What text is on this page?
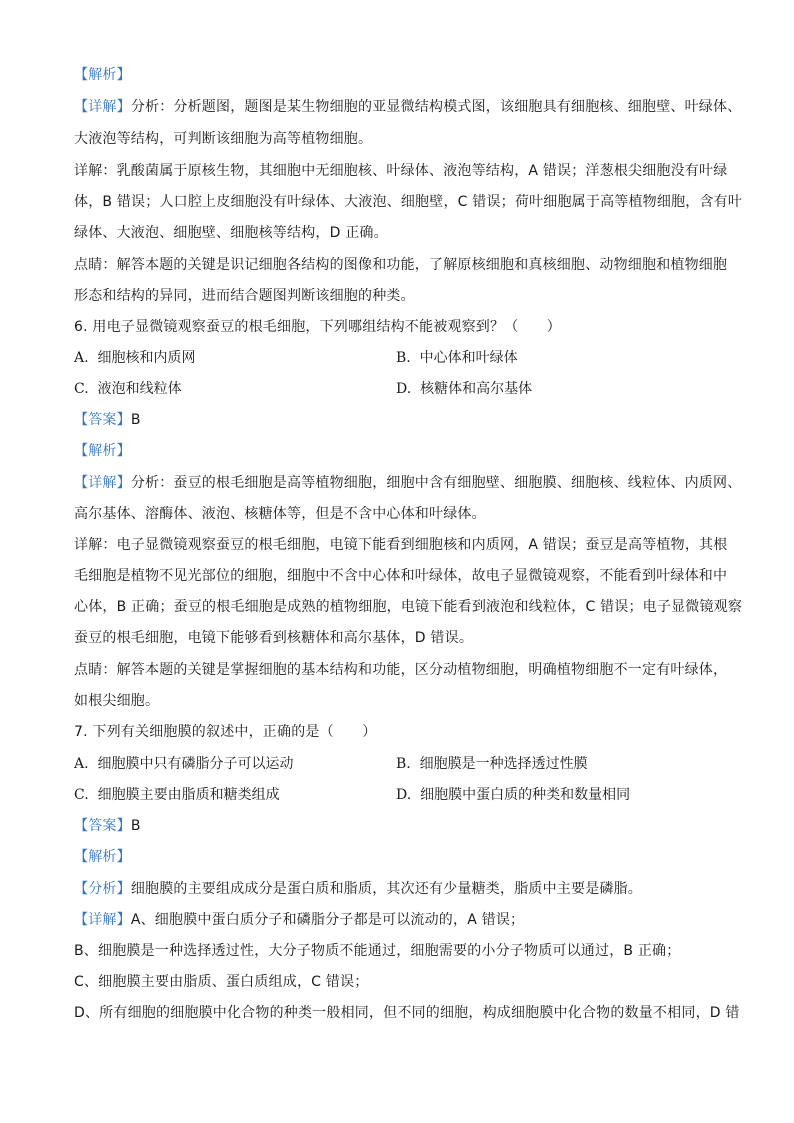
【解析】
【详解】分析：分析题图，题图是某生物细胞的亚显微结构模式图，该细胞具有细胞核、细胞壁、叶绿体、
大液泡等结构，可判断该细胞为高等植物细胞。
详解：乳酸菌属于原核生物，其细胞中无细胞核、叶绿体、液泡等结构，A 错误；洋葱根尖细胞没有叶绿
体，B 错误；人口腔上皮细胞没有叶绿体、大液泡、细胞壁，C 错误；荷叶细胞属于高等植物细胞，含有叶
绿体、大液泡、细胞壁、细胞核等结构，D 正确。
点睛：解答本题的关键是识记细胞各结构的图像和功能，了解原核细胞和真核细胞、动物细胞和植物细胞
形态和结构的异同，进而结合题图判断该细胞的种类。
6. 用电子显微镜观察蚕豆的根毛细胞，下列哪组结构不能被观察到？（　　）
A. 细胞核和内质网	B. 中心体和叶绿体
C. 液泡和线粒体	D. 核糖体和高尔基体
【答案】B
【解析】
【详解】分析：蚕豆的根毛细胞是高等植物细胞，细胞中含有细胞壁、细胞膜、细胞核、线粒体、内质网、
高尔基体、溶酶体、液泡、核糖体等，但是不含中心体和叶绿体。
详解：电子显微镜观察蚕豆的根毛细胞，电镜下能看到细胞核和内质网，A 错误；蚕豆是高等植物，其根
毛细胞是植物不见光部位的细胞，细胞中不含中心体和叶绿体，故电子显微镜观察，不能看到叶绿体和中
心体，B 正确；蚕豆的根毛细胞是成熟的植物细胞，电镜下能看到液泡和线粒体，C 错误；电子显微镜观察
蚕豆的根毛细胞，电镜下能够看到核糖体和高尔基体，D 错误。
点睛：解答本题的关键是掌握细胞的基本结构和功能，区分动植物细胞，明确植物细胞不一定有叶绿体，
如根尖细胞。
7. 下列有关细胞膜的叙述中，正确的是（　　）
A. 细胞膜中只有磷脂分子可以运动	B. 细胞膜是一种选择透过性膜
C. 细胞膜主要由脂质和糖类组成	D. 细胞膜中蛋白质的种类和数量相同
【答案】B
【解析】
【分析】细胞膜的主要组成成分是蛋白质和脂质，其次还有少量糖类，脂质中主要是磷脂。
【详解】A、细胞膜中蛋白质分子和磷脂分子都是可以流动的，A 错误；
B、细胞膜是一种选择透过性，大分子物质不能通过，细胞需要的小分子物质可以通过，B 正确；
C、细胞膜主要由脂质、蛋白质组成，C 错误；
D、所有细胞的细胞膜中化合物的种类一般相同，但不同的细胞，构成细胞膜中化合物的数量不相同，D 错
